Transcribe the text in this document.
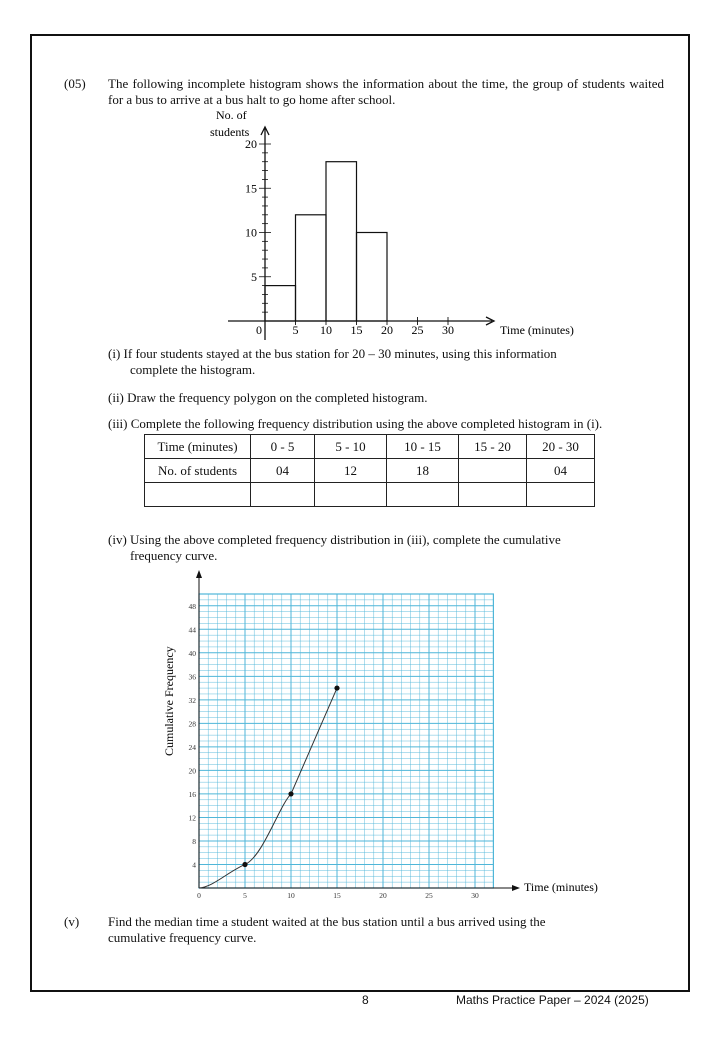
(05) The following incomplete histogram shows the information about the time, the group of students waited for a bus to arrive at a bus halt to go home after school.
No. of
students
5
10
15
20
5 10 15 20 25 30
0	Time (minutes)
(i) If four students stayed at the bus station for 20 – 30 minutes, using this information
complete the histogram.
(ii) Draw the frequency polygon on the completed histogram.
(iii) Complete the following frequency distribution using the above completed histogram in (i).
Time (minutes)	0 - 5	5 - 10	10 - 15	15 - 20	20 - 30
No. of students	04	12	18		04

(iv) Using the above completed frequency distribution in (iii), complete the cumulative
frequency curve.
4
8
12
16
20
24
28
32
36
40
44
48
0	5	10	15	20	25	30
Cumulative Frequency
Time (minutes)
(v) Find the median time a student waited at the bus station until a bus arrived using the
cumulative frequency curve.
8	Maths Practice Paper – 2024 (2025)
